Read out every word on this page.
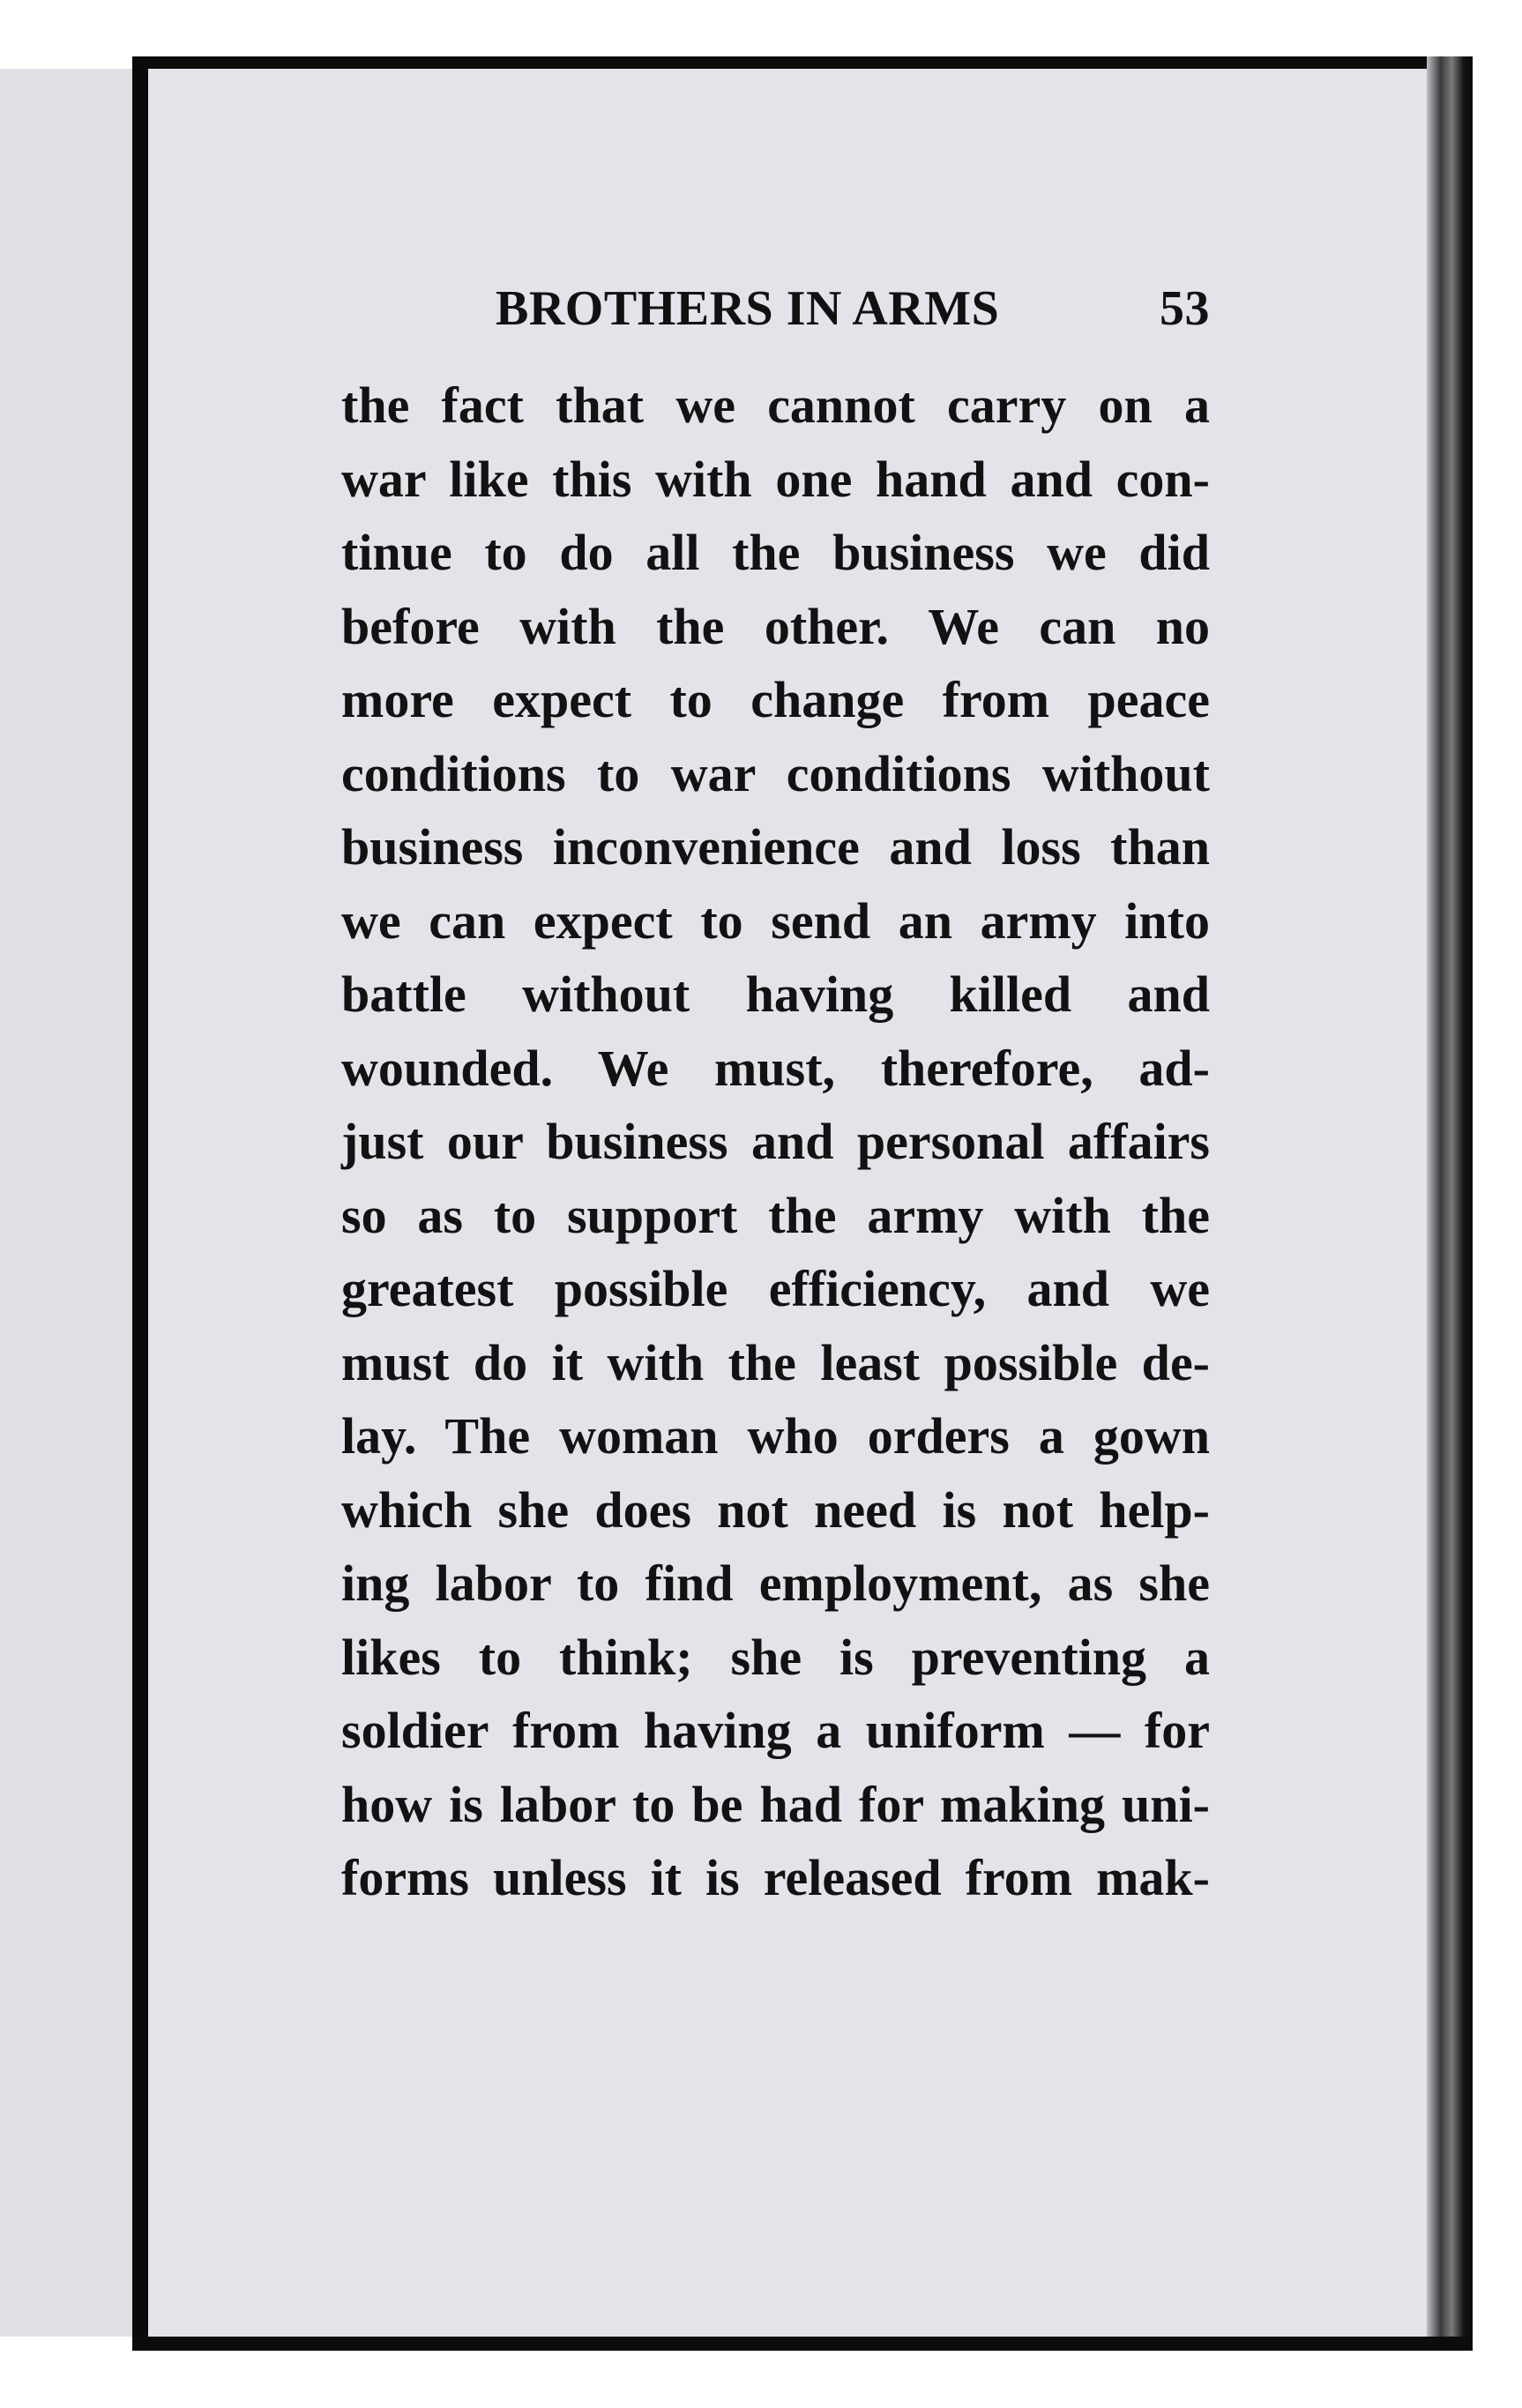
BROTHERS IN ARMS	53
the fact that we cannot carry on a
war like this with one hand and con-
tinue to do all the business we did
before with the other. We can no
more expect to change from peace
conditions to war conditions without
business inconvenience and loss than
we can expect to send an army into
battle without having killed and
wounded. We must, therefore, ad-
just our business and personal affairs
so as to support the army with the
greatest possible efficiency, and we
must do it with the least possible de-
lay. The woman who orders a gown
which she does not need is not help-
ing labor to find employment, as she
likes to think; she is preventing a
soldier from having a uniform — for
how is labor to be had for making uni-
forms unless it is released from mak-
